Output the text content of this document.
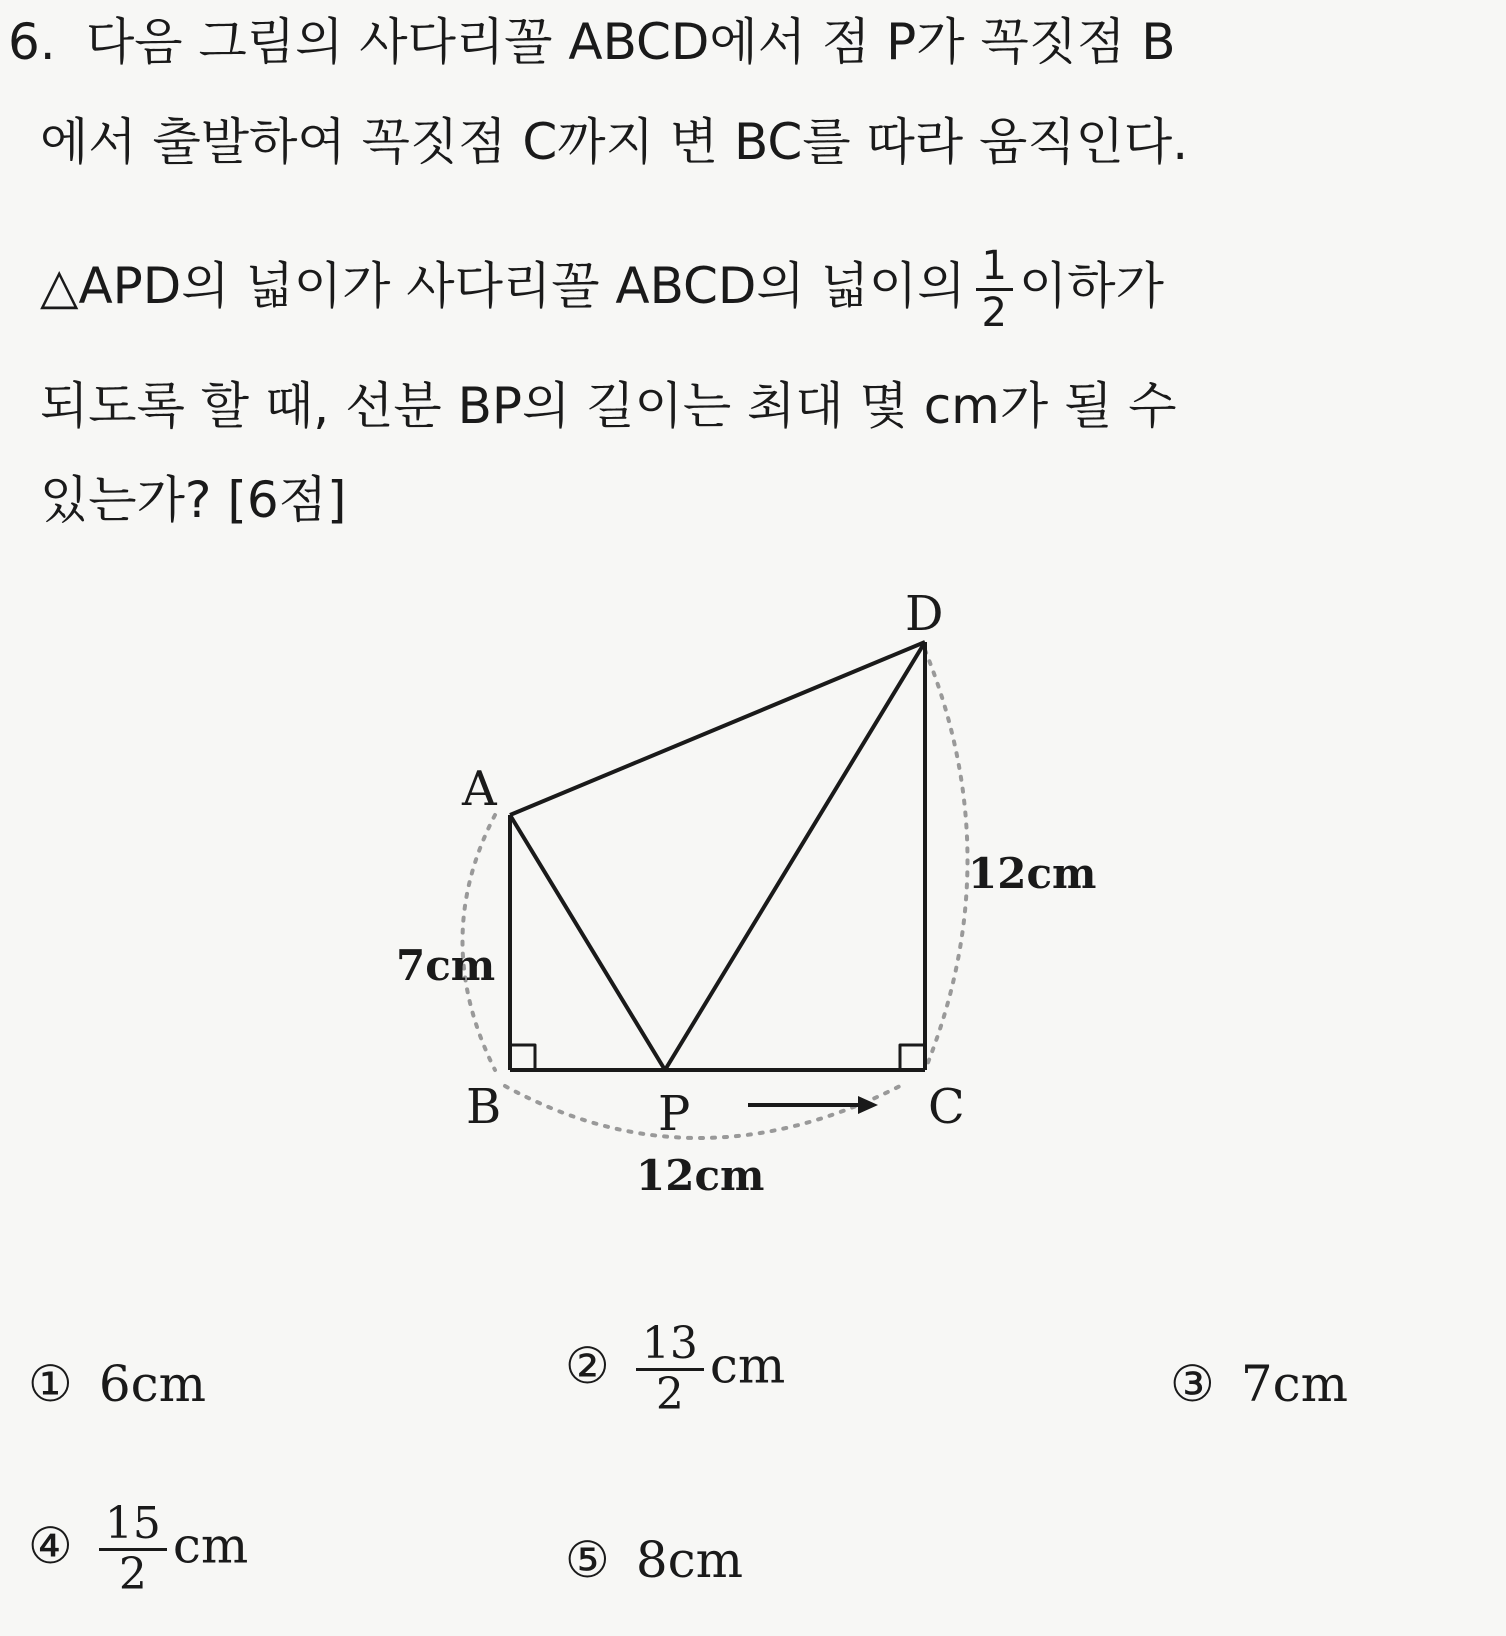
6. 다음 그림의 사다리꼴 ABCD에서 점 P가 꼭짓점 B
에서 출발하여 꼭짓점 C까지 변 BC를 따라 움직인다.
△APD의 넓이가 사다리꼴 ABCD의 넓이의 $\frac{1}{2}$ 이하가
되도록 할 때, 선분 BP의 길이는 최대 몇 cm가 될 수
있는가? [6점]
D
A
B	P	C
7cm
12cm
12cm
① 6cm	② $\frac{13}{2}$ cm	③ 7cm
④ $\frac{15}{2}$ cm	⑤ 8cm
